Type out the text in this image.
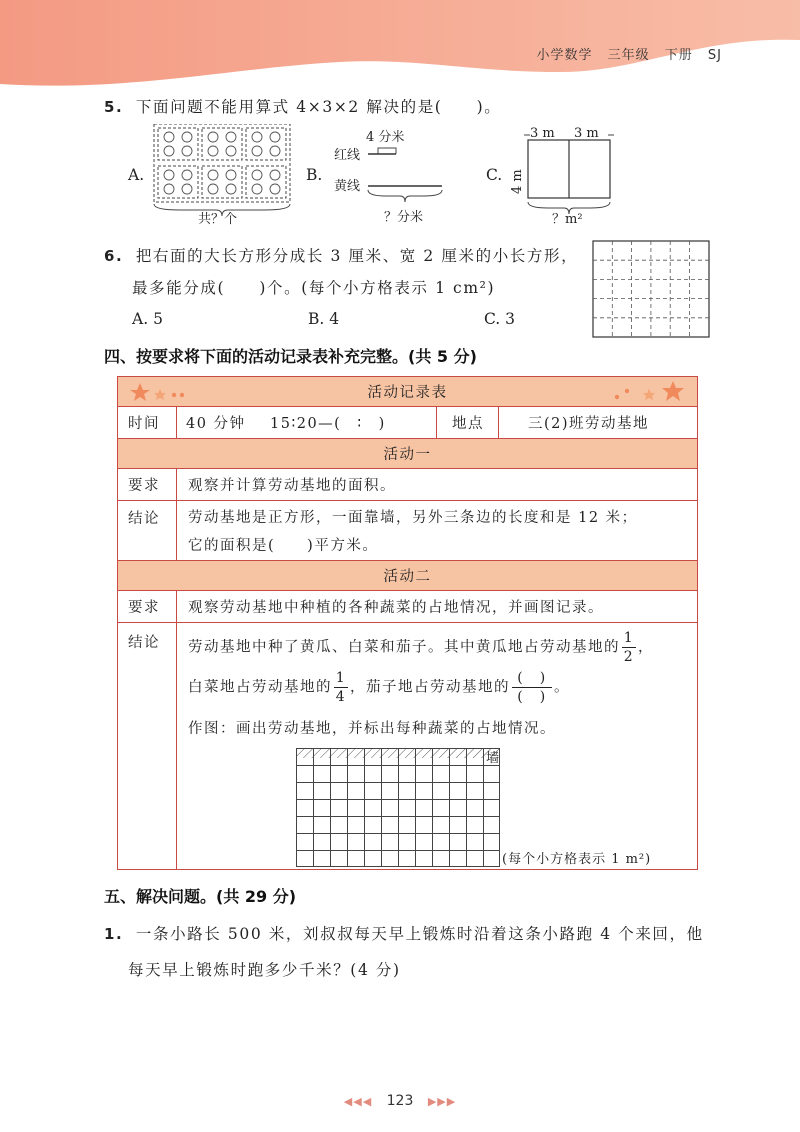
小学数学 三年级 下册 SJ
5. 下面问题不能用算式 4×3×2 解决的是(　　)。
A.
共？个
B.
4 分米
红线
黄线
？分米
C.
3 m 3 m
4 m
？m²
6. 把右面的大长方形分成长 3 厘米、宽 2 厘米的小长方形，
最多能分成(　　)个。(每个小方格表示 1 cm²)
A. 5	B. 4	C. 3
四、按要求将下面的活动记录表补充完整。(共 5 分)
活动记录表
时间 40 分钟 15∶20—(　∶　)	地点	三(2)班劳动基地
活动一
要求 观察并计算劳动基地的面积。
结论 劳动基地是正方形，一面靠墙，另外三条边的长度和是 12 米；
它的面积是(　　)平方米。
活动二
要求 观察劳动基地中种植的各种蔬菜的占地情况，并画图记录。
结论 劳动基地中种了黄瓜、白菜和茄子。其中黄瓜地占劳动基地的 $\frac{1}{2}$ ，
白菜地占劳动基地的 $\frac{1}{4}$ ，茄子地占劳动基地的 $\frac{( )}{( )}$ 。
作图：画出劳动基地，并标出每种蔬菜的占地情况。
墙
(每个小方格表示 1 m²)
五、解决问题。(共 29 分)
1. 一条小路长 500 米，刘叔叔每天早上锻炼时沿着这条小路跑 4 个来回，他
每天早上锻炼时跑多少千米？(4 分)
◀◀◀ 123 ▶▶▶
